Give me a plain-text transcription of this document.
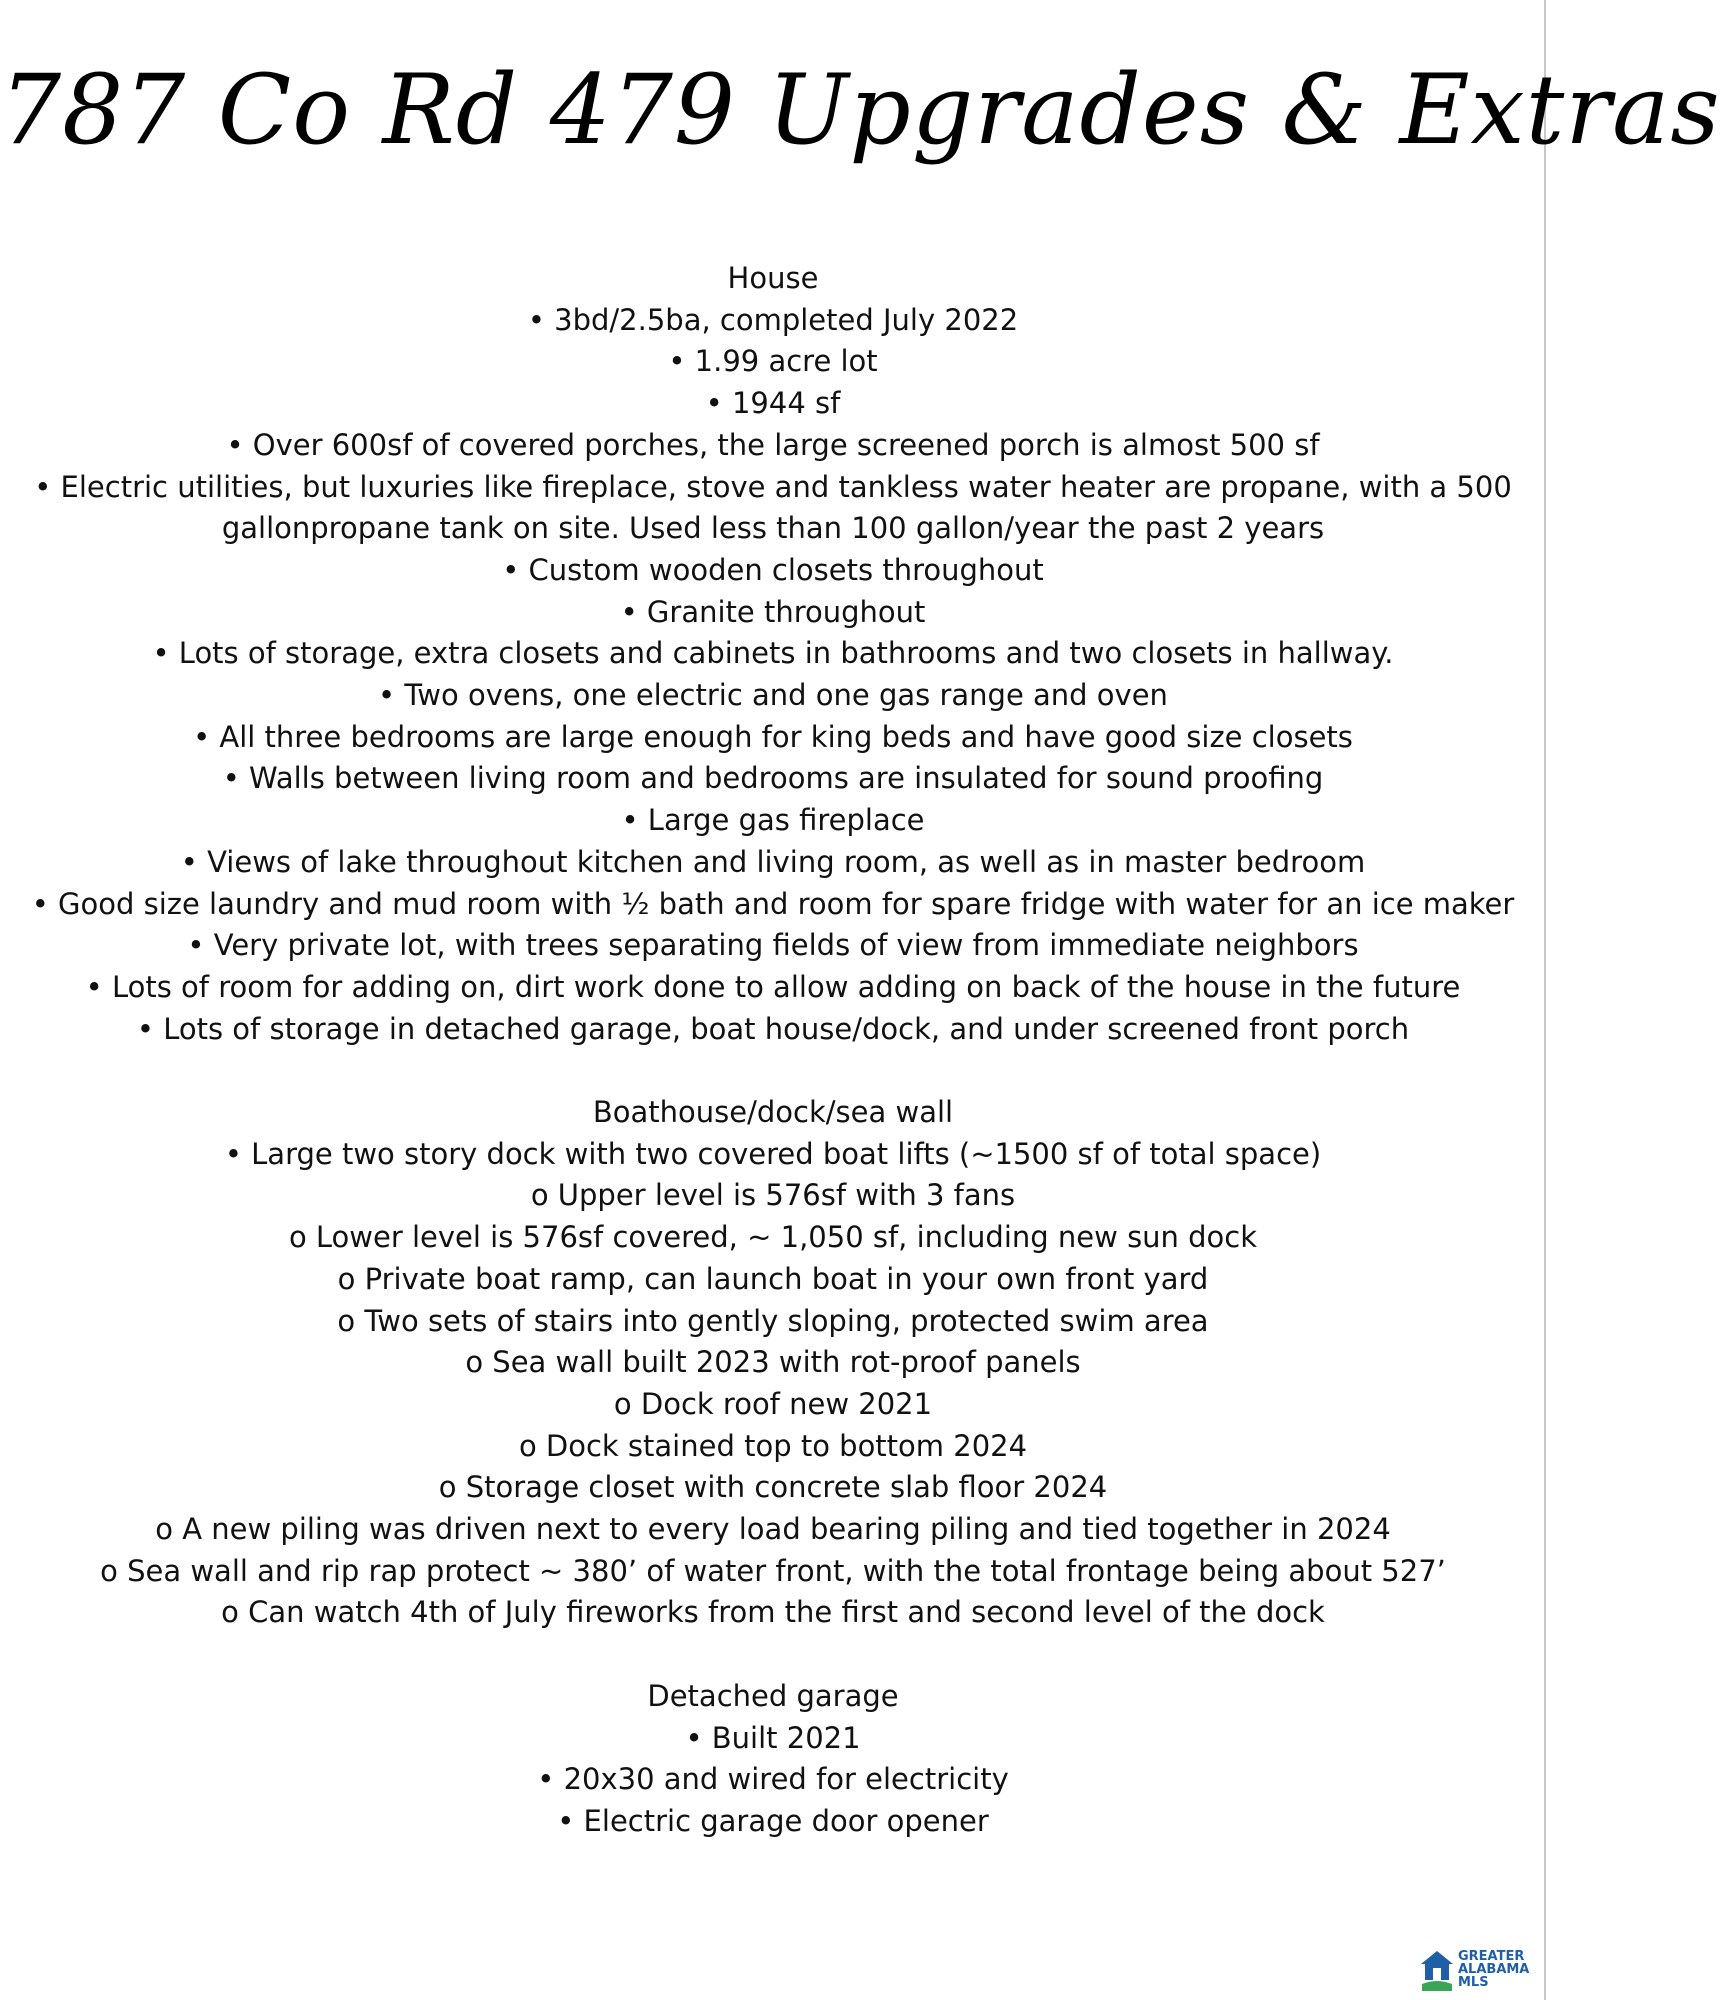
787 Co Rd 479 Upgrades & Extras
House
• 3bd/2.5ba, completed July 2022
• 1.99 acre lot
• 1944 sf
• Over 600sf of covered porches, the large screened porch is almost 500 sf
• Electric utilities, but luxuries like fireplace, stove and tankless water heater are propane, with a 500 gallonpropane tank on site. Used less than 100 gallon/year the past 2 years
• Custom wooden closets throughout
• Granite throughout
• Lots of storage, extra closets and cabinets in bathrooms and two closets in hallway.
• Two ovens, one electric and one gas range and oven
• All three bedrooms are large enough for king beds and have good size closets
• Walls between living room and bedrooms are insulated for sound proofing
• Large gas fireplace
• Views of lake throughout kitchen and living room, as well as in master bedroom
• Good size laundry and mud room with ½ bath and room for spare fridge with water for an ice maker
• Very private lot, with trees separating fields of view from immediate neighbors
• Lots of room for adding on, dirt work done to allow adding on back of the house in the future
• Lots of storage in detached garage, boat house/dock, and under screened front porch
Boathouse/dock/sea wall
• Large two story dock with two covered boat lifts (~1500 sf of total space)
o Upper level is 576sf with 3 fans
o Lower level is 576sf covered, ~ 1,050 sf, including new sun dock
o Private boat ramp, can launch boat in your own front yard
o Two sets of stairs into gently sloping, protected swim area
o Sea wall built 2023 with rot-proof panels
o Dock roof new 2021
o Dock stained top to bottom 2024
o Storage closet with concrete slab floor 2024
o A new piling was driven next to every load bearing piling and tied together in 2024
o Sea wall and rip rap protect ~ 380’ of water front, with the total frontage being about 527’
o Can watch 4th of July fireworks from the first and second level of the dock
Detached garage
• Built 2021
• 20x30 and wired for electricity
• Electric garage door opener
GREATER
ALABAMA
MLS
